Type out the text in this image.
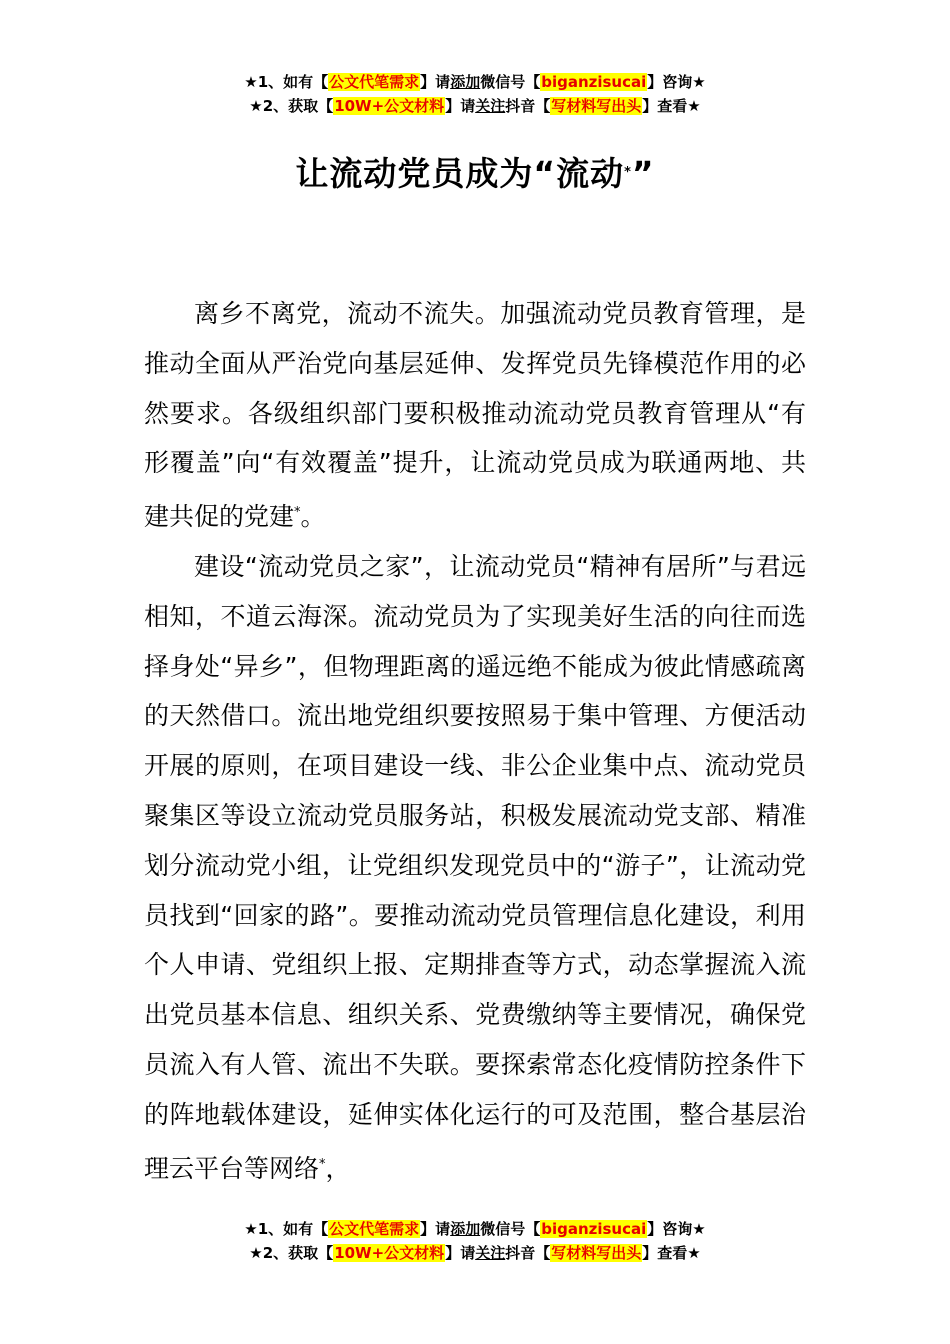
★1、如有【公文代笔需求】请添加微信号【biganzisucai】咨询★
★2、获取【10W+公文材料】请关注抖音【写材料写出头】查看★
让流动党员成为“流动*”

离乡不离党，流动不流失。加强流动党员教育管理，是推动全面从严治党向基层延伸、发挥党员先锋模范作用的必然要求。各级组织部门要积极推动流动党员教育管理从“有形覆盖”向“有效覆盖”提升，让流动党员成为联通两地、共建共促的党建*。

建设“流动党员之家”，让流动党员“精神有居所”与君远相知，不道云海深。流动党员为了实现美好生活的向往而选择身处“异乡”，但物理距离的遥远绝不能成为彼此情感疏离的天然借口。流出地党组织要按照易于集中管理、方便活动开展的原则，在项目建设一线、非公企业集中点、流动党员聚集区等设立流动党员服务站，积极发展流动党支部、精准划分流动党小组，让党组织发现党员中的“游子”，让流动党员找到“回家的路”。要推动流动党员管理信息化建设，利用个人申请、党组织上报、定期排查等方式，动态掌握流入流出党员基本信息、组织关系、党费缴纳等主要情况，确保党员流入有人管、流出不失联。要探索常态化疫情防控条件下的阵地载体建设，延伸实体化运行的可及范围，整合基层治理云平台等网络*，

★1、如有【公文代笔需求】请添加微信号【biganzisucai】咨询★
★2、获取【10W+公文材料】请关注抖音【写材料写出头】查看★
